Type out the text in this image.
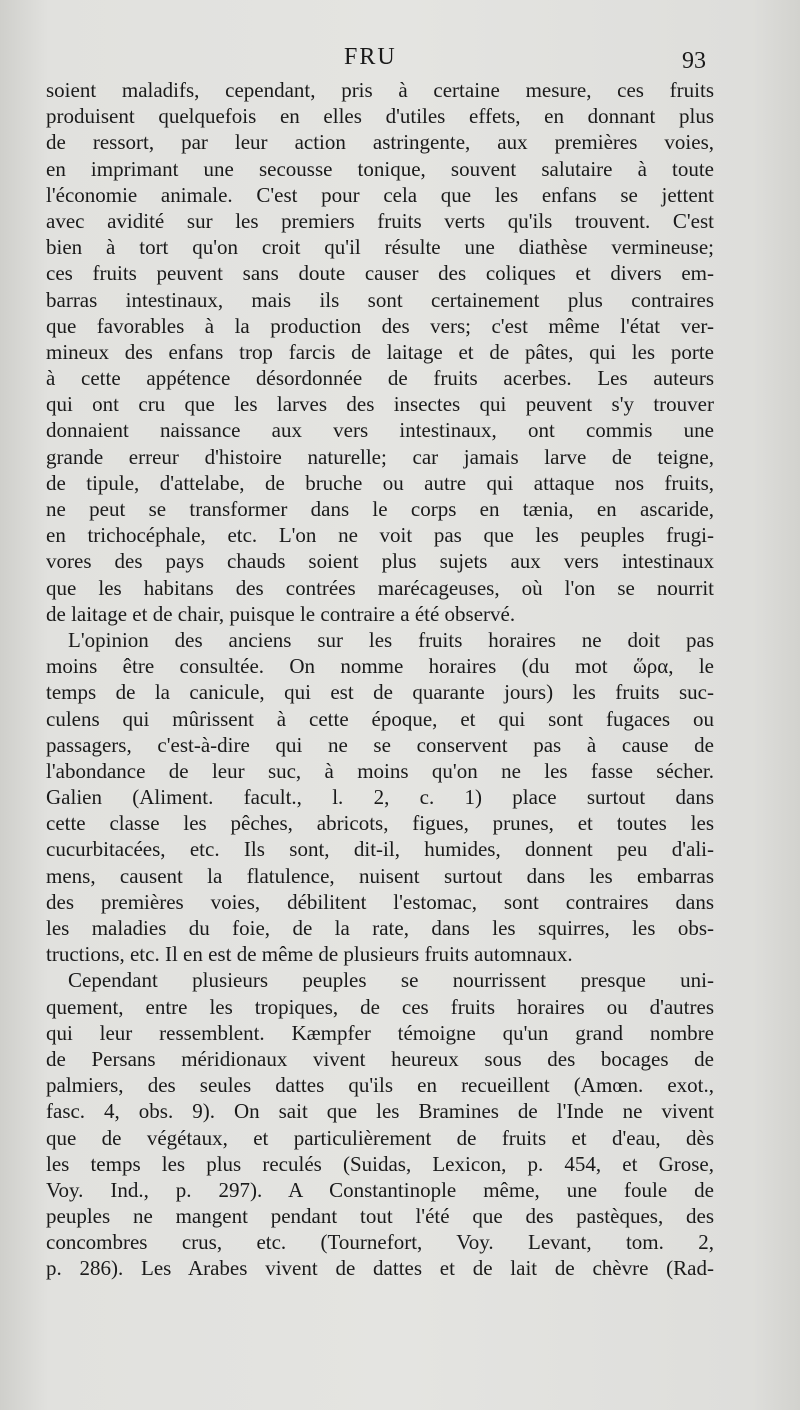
FRU	93
soient maladifs, cependant, pris à certaine mesure, ces fruits
produisent quelquefois en elles d'utiles effets, en donnant plus
de ressort, par leur action astringente, aux premières voies,
en imprimant une secousse tonique, souvent salutaire à toute
l'économie animale. C'est pour cela que les enfans se jettent
avec avidité sur les premiers fruits verts qu'ils trouvent. C'est
bien à tort qu'on croit qu'il résulte une diathèse vermineuse;
ces fruits peuvent sans doute causer des coliques et divers em-
barras intestinaux, mais ils sont certainement plus contraires
que favorables à la production des vers; c'est même l'état ver-
mineux des enfans trop farcis de laitage et de pâtes, qui les porte
à cette appétence désordonnée de fruits acerbes. Les auteurs
qui ont cru que les larves des insectes qui peuvent s'y trouver
donnaient naissance aux vers intestinaux, ont commis une
grande erreur d'histoire naturelle; car jamais larve de teigne,
de tipule, d'attelabe, de bruche ou autre qui attaque nos fruits,
ne peut se transformer dans le corps en tænia, en ascaride,
en trichocéphale, etc. L'on ne voit pas que les peuples frugi-
vores des pays chauds soient plus sujets aux vers intestinaux
que les habitans des contrées marécageuses, où l'on se nourrit
de laitage et de chair, puisque le contraire a été observé.
L'opinion des anciens sur les fruits horaires ne doit pas
moins être consultée. On nomme horaires (du mot ὥρα, le
temps de la canicule, qui est de quarante jours) les fruits suc-
culens qui mûrissent à cette époque, et qui sont fugaces ou
passagers, c'est-à-dire qui ne se conservent pas à cause de
l'abondance de leur suc, à moins qu'on ne les fasse sécher.
Galien (Aliment. facult., l. 2, c. 1) place surtout dans
cette classe les pêches, abricots, figues, prunes, et toutes les
cucurbitacées, etc. Ils sont, dit-il, humides, donnent peu d'ali-
mens, causent la flatulence, nuisent surtout dans les embarras
des premières voies, débilitent l'estomac, sont contraires dans
les maladies du foie, de la rate, dans les squirres, les obs-
tructions, etc. Il en est de même de plusieurs fruits automnaux.
Cependant plusieurs peuples se nourrissent presque uni-
quement, entre les tropiques, de ces fruits horaires ou d'autres
qui leur ressemblent. Kæmpfer témoigne qu'un grand nombre
de Persans méridionaux vivent heureux sous des bocages de
palmiers, des seules dattes qu'ils en recueillent (Amœn. exot.,
fasc. 4, obs. 9). On sait que les Bramines de l'Inde ne vivent
que de végétaux, et particulièrement de fruits et d'eau, dès
les temps les plus reculés (Suidas, Lexicon, p. 454, et Grose,
Voy. Ind., p. 297). A Constantinople même, une foule de
peuples ne mangent pendant tout l'été que des pastèques, des
concombres crus, etc. (Tournefort, Voy. Levant, tom. 2,
p. 286). Les Arabes vivent de dattes et de lait de chèvre (Rad-
